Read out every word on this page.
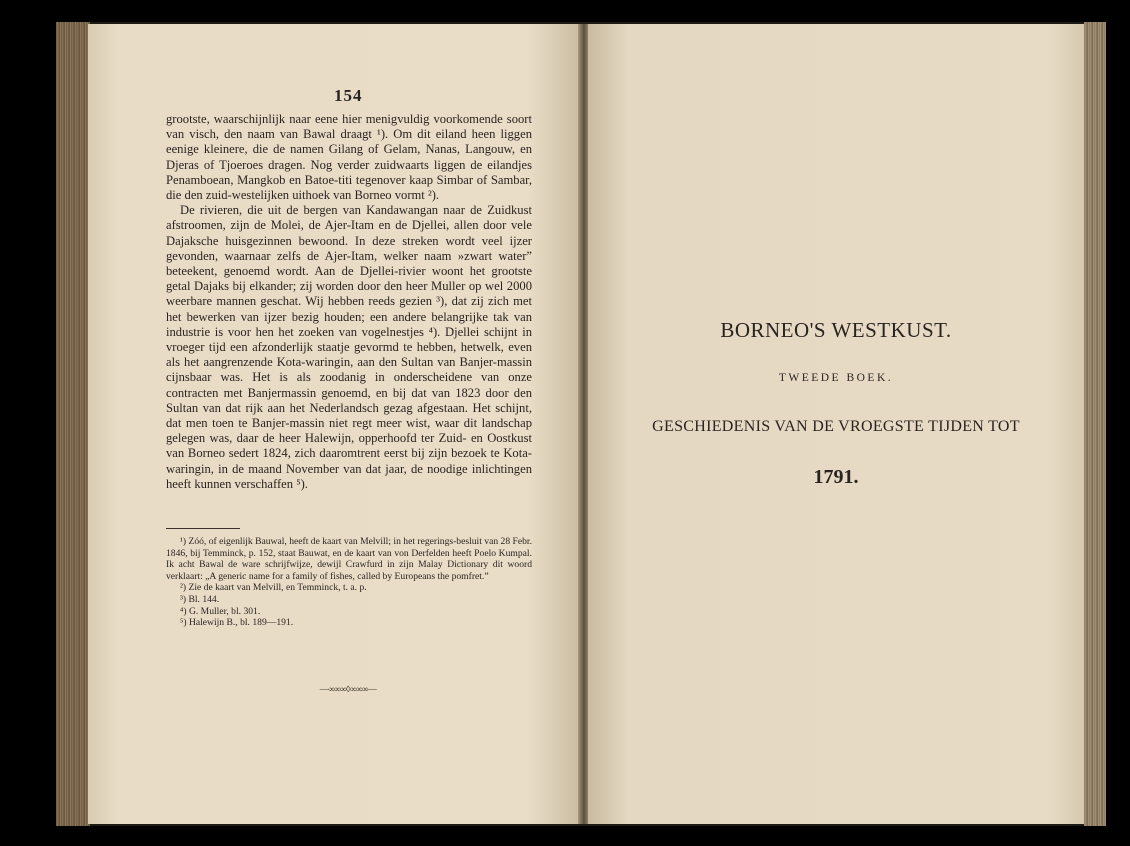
154

grootste, waarschijnlijk naar eene hier menigvuldig voorkomende soort van visch, den naam van Bawal draagt ¹). Om dit eiland heen liggen eenige kleinere, die de namen Gilang of Gelam, Nanas, Langouw, en Djeras of Tjoeroes dragen. Nog verder zuidwaarts liggen de eilandjes Penamboean, Mangkob en Batoe-titi tegenover kaap Simbar of Sambar, die den zuid-westelijken uithoek van Borneo vormt ²).

De rivieren, die uit de bergen van Kandawangan naar de Zuidkust afstroomen, zijn de Molei, de Ajer-Itam en de Djellei, allen door vele Dajaksche huisgezinnen bewoond. In deze streken wordt veel ijzer gevonden, waarnaar zelfs de Ajer-Itam, welker naam »zwart water” beteekent, genoemd wordt. Aan de Djellei-rivier woont het grootste getal Dajaks bij elkander; zij worden door den heer Muller op wel 2000 weerbare mannen geschat. Wij hebben reeds gezien ³), dat zij zich met het bewerken van ijzer bezig houden; een andere belangrijke tak van industrie is voor hen het zoeken van vogelnestjes ⁴). Djellei schijnt in vroeger tijd een afzonderlijk staatje gevormd te hebben, hetwelk, even als het aangrenzende Kota-waringin, aan den Sultan van Banjer-massin cijnsbaar was. Het is als zoodanig in onderscheidene van onze contracten met Banjermassin genoemd, en bij dat van 1823 door den Sultan van dat rijk aan het Nederlandsch gezag afgestaan. Het schijnt, dat men toen te Banjer-massin niet regt meer wist, waar dit landschap gelegen was, daar de heer Halewijn, opperhoofd ter Zuid- en Oostkust van Borneo sedert 1824, zich daaromtrent eerst bij zijn bezoek te Kota-waringin, in de maand November van dat jaar, de noodige inlichtingen heeft kunnen verschaffen ⁵).

¹) Zóó, of eigenlijk Bauwal, heeft de kaart van Melvill; in het regerings-besluit van 28 Febr. 1846, bij Temminck, p. 152, staat Bauwat, en de kaart van von Derfelden heeft Poelo Kumpal. Ik acht Bawal de ware schrijfwijze, dewijl Crawfurd in zijn Malay Dictionary dit woord verklaart: „A generic name for a family of fishes, called by Europeans the pomfret.”
²) Zie de kaart van Melvill, en Temminck, t. a. p.
³) Bl. 144.
⁴) G. Muller, bl. 301.
⁵) Halewijn B., bl. 189—191.
—∞∞∞◊∞∞∞—
BORNEO'S WESTKUST.
TWEEDE BOEK.
GESCHIEDENIS VAN DE VROEGSTE TIJDEN TOT
1791.
